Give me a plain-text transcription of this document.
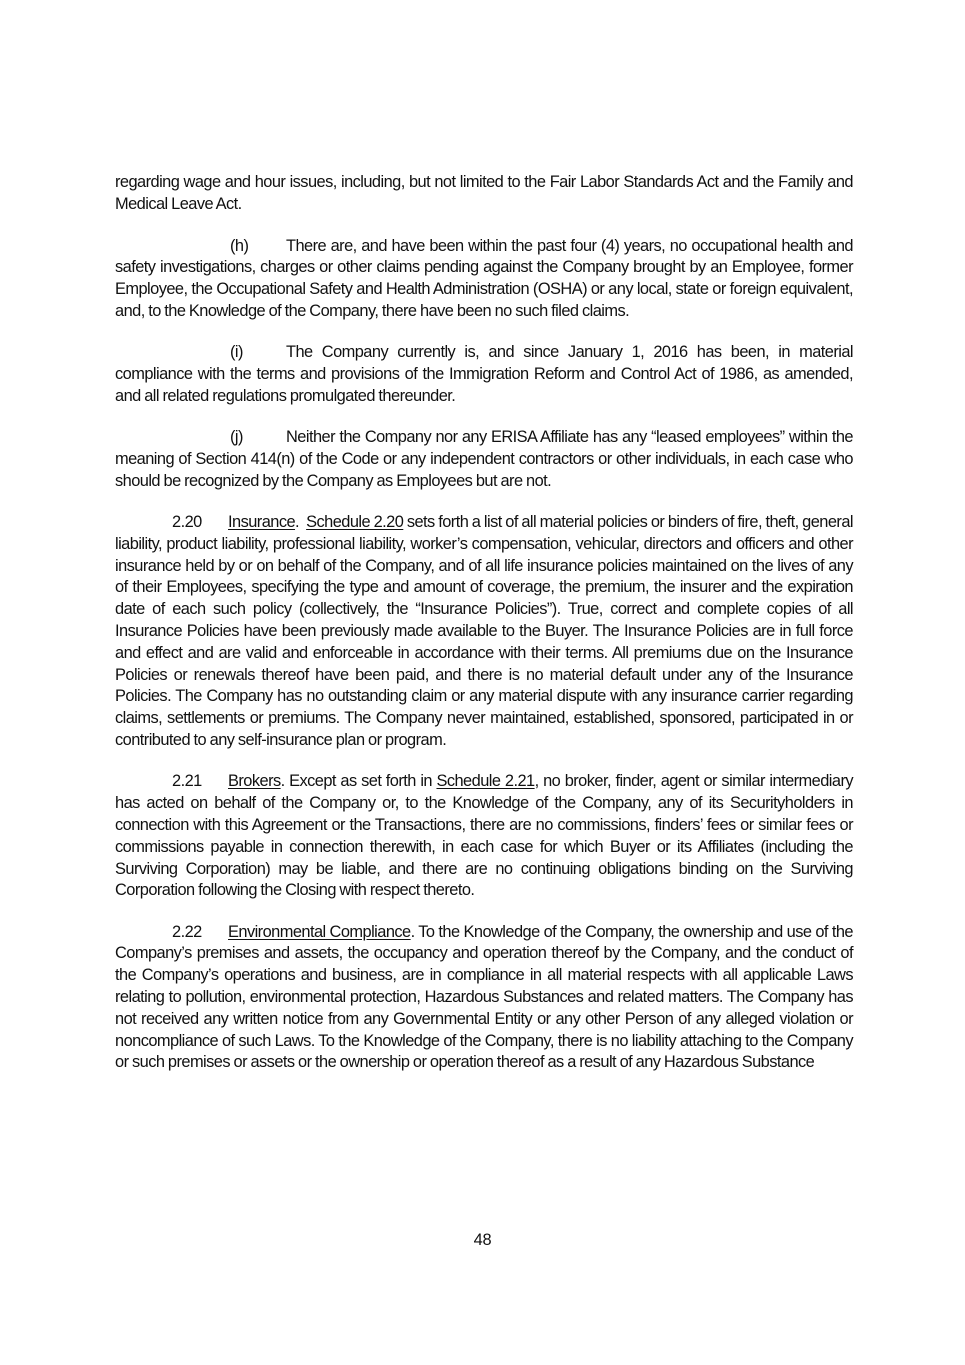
regarding wage and hour issues, including, but not limited to the Fair Labor Standards Act and the Family and Medical Leave Act.

(h) There are, and have been within the past four (4) years, no occupational health and safety investigations, charges or other claims pending against the Company brought by an Employee, former Employee, the Occupational Safety and Health Administration (OSHA) or any local, state or foreign equivalent, and, to the Knowledge of the Company, there have been no such filed claims.

(i)	The Company currently is, and since January 1, 2016 has been, in material compliance with the terms and provisions of the Immigration Reform and Control Act of 1986, as amended, and all related regulations promulgated thereunder.

(j)	Neither the Company nor any ERISA Affiliate has any “leased employees” within the meaning of Section 414(n) of the Code or any independent contractors or other individuals, in each case who should be recognized by the Company as Employees but are not.

2.20 Insurance. Schedule 2.20 sets forth a list of all material policies or binders of fire, theft, general liability, product liability, professional liability, worker’s compensation, vehicular, directors and officers and other insurance held by or on behalf of the Company, and of all life insurance policies maintained on the lives of any of their Employees, specifying the type and amount of coverage, the premium, the insurer and the expiration date of each such policy (collectively, the “Insurance Policies”). True, correct and complete copies of all Insurance Policies have been previously made available to the Buyer. The Insurance Policies are in full force and effect and are valid and enforceable in accordance with their terms. All premiums due on the Insurance Policies or renewals thereof have been paid, and there is no material default under any of the Insurance Policies. The Company has no outstanding claim or any material dispute with any insurance carrier regarding claims, settlements or premiums. The Company never maintained, established, sponsored, participated in or contributed to any self-insurance plan or program.

2.21 Brokers. Except as set forth in Schedule 2.21, no broker, finder, agent or similar intermediary has acted on behalf of the Company or, to the Knowledge of the Company, any of its Securityholders in connection with this Agreement or the Transactions, there are no commissions, finders’ fees or similar fees or commissions payable in connection therewith, in each case for which Buyer or its Affiliates (including the Surviving Corporation) may be liable, and there are no continuing obligations binding on the Surviving Corporation following the Closing with respect thereto.

2.22 Environmental Compliance. To the Knowledge of the Company, the ownership and use of the Company’s premises and assets, the occupancy and operation thereof by the Company, and the conduct of the Company’s operations and business, are in compliance in all material respects with all applicable Laws relating to pollution, environmental protection, Hazardous Substances and related matters. The Company has not received any written notice from any Governmental Entity or any other Person of any alleged violation or noncompliance of such Laws. To the Knowledge of the Company, there is no liability attaching to the Company or such premises or assets or the ownership or operation thereof as a result of any Hazardous Substance

48
